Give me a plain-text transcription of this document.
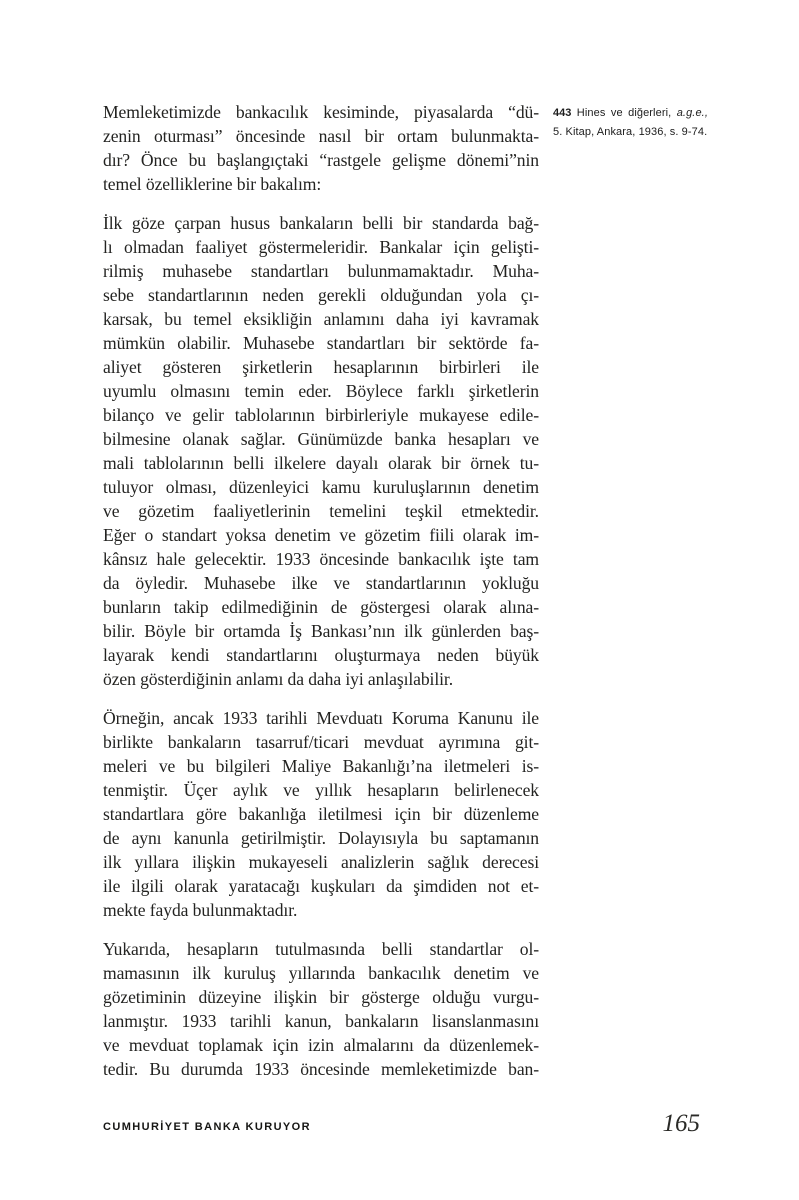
Memleketimizde bankacılık kesiminde, piyasalarda “dü-
zenin oturması” öncesinde nasıl bir ortam bulunmakta-
dır? Önce bu başlangıçtaki “rastgele gelişme dönemi”nin
temel özelliklerine bir bakalım:
İlk göze çarpan husus bankaların belli bir standarda bağ-
lı olmadan faaliyet göstermeleridir. Bankalar için gelişti-
rilmiş muhasebe standartları bulunmamaktadır. Muha-
sebe standartlarının neden gerekli olduğundan yola çı-
karsak, bu temel eksikliğin anlamını daha iyi kavramak
mümkün olabilir. Muhasebe standartları bir sektörde fa-
aliyet gösteren şirketlerin hesaplarının birbirleri ile
uyumlu olmasını temin eder. Böylece farklı şirketlerin
bilanço ve gelir tablolarının birbirleriyle mukayese edile-
bilmesine olanak sağlar. Günümüzde banka hesapları ve
mali tablolarının belli ilkelere dayalı olarak bir örnek tu-
tuluyor olması, düzenleyici kamu kuruluşlarının denetim
ve gözetim faaliyetlerinin temelini teşkil etmektedir.
Eğer o standart yoksa denetim ve gözetim fiili olarak im-
kânsız hale gelecektir. 1933 öncesinde bankacılık işte tam
da öyledir. Muhasebe ilke ve standartlarının yokluğu
bunların takip edilmediğinin de göstergesi olarak alına-
bilir. Böyle bir ortamda İş Bankası’nın ilk günlerden baş-
layarak kendi standartlarını oluşturmaya neden büyük
özen gösterdiğinin anlamı da daha iyi anlaşılabilir.
Örneğin, ancak 1933 tarihli Mevduatı Koruma Kanunu ile
birlikte bankaların tasarruf/ticari mevduat ayrımına git-
meleri ve bu bilgileri Maliye Bakanlığı’na iletmeleri is-
tenmiştir. Üçer aylık ve yıllık hesapların belirlenecek
standartlara göre bakanlığa iletilmesi için bir düzenleme
de aynı kanunla getirilmiştir. Dolayısıyla bu saptamanın
ilk yıllara ilişkin mukayeseli analizlerin sağlık derecesi
ile ilgili olarak yaratacağı kuşkuları da şimdiden not et-
mekte fayda bulunmaktadır.
Yukarıda, hesapların tutulmasında belli standartlar ol-
mamasının ilk kuruluş yıllarında bankacılık denetim ve
gözetiminin düzeyine ilişkin bir gösterge olduğu vurgu-
lanmıştır. 1933 tarihli kanun, bankaların lisanslanmasını
ve mevduat toplamak için izin almalarını da düzenlemek-
tedir. Bu durumda 1933 öncesinde memleketimizde ban-
443 Hines ve diğerleri, a.g.e., 5. Kitap, Ankara, 1936, s. 9-74.
CUMHURİYET BANKA KURUYOR	165
